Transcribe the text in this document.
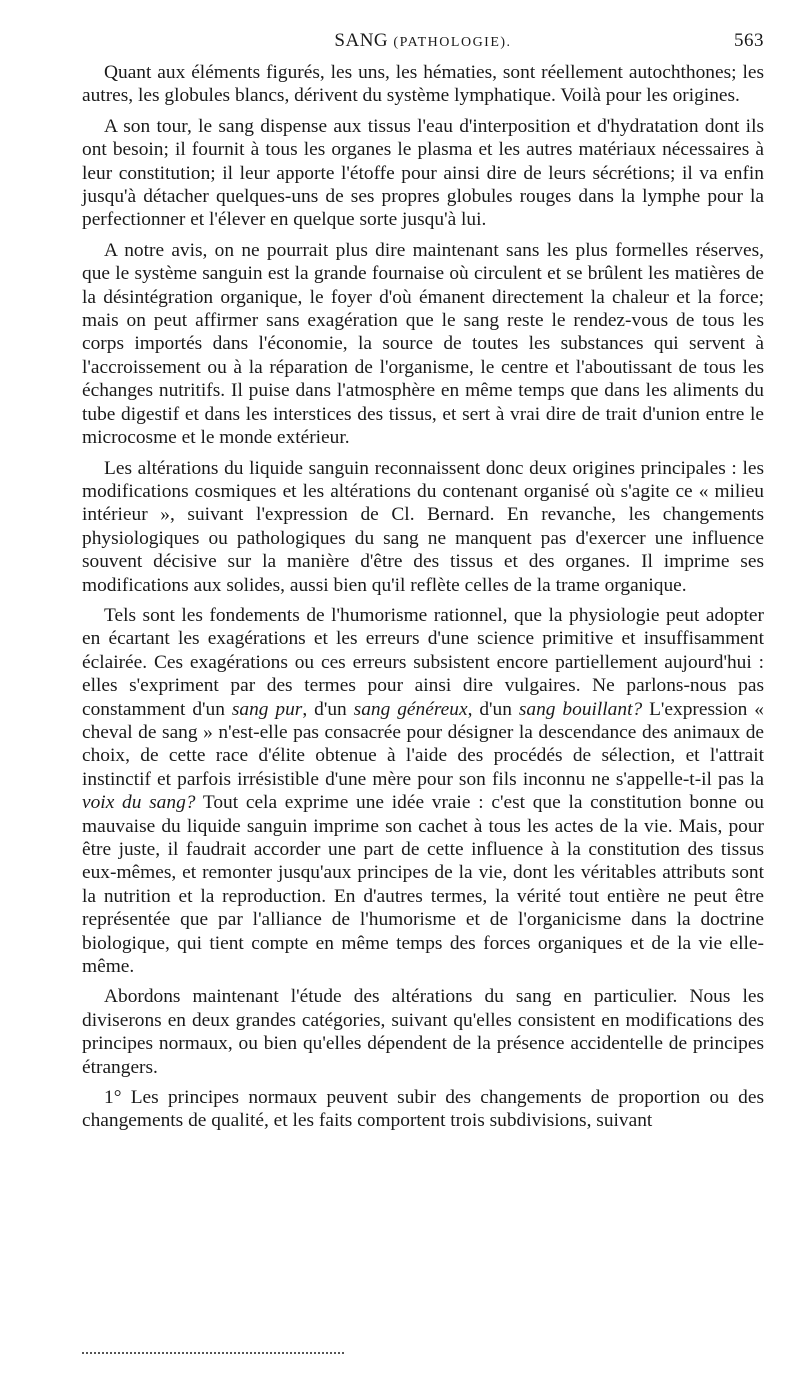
SANG (PATHOLOGIE).	563

Quant aux éléments figurés, les uns, les hématies, sont réellement autochthones; les autres, les globules blancs, dérivent du système lymphatique. Voilà pour les origines.

A son tour, le sang dispense aux tissus l'eau d'interposition et d'hydratation dont ils ont besoin; il fournit à tous les organes le plasma et les autres matériaux nécessaires à leur constitution; il leur apporte l'étoffe pour ainsi dire de leurs sécrétions; il va enfin jusqu'à détacher quelques-uns de ses propres globules rouges dans la lymphe pour la perfectionner et l'élever en quelque sorte jusqu'à lui.

A notre avis, on ne pourrait plus dire maintenant sans les plus formelles réserves, que le système sanguin est la grande fournaise où circulent et se brûlent les matières de la désintégration organique, le foyer d'où émanent directement la chaleur et la force; mais on peut affirmer sans exagération que le sang reste le rendez-vous de tous les corps importés dans l'économie, la source de toutes les substances qui servent à l'accroissement ou à la réparation de l'organisme, le centre et l'aboutissant de tous les échanges nutritifs. Il puise dans l'atmosphère en même temps que dans les aliments du tube digestif et dans les interstices des tissus, et sert à vrai dire de trait d'union entre le microcosme et le monde extérieur.

Les altérations du liquide sanguin reconnaissent donc deux origines principales : les modifications cosmiques et les altérations du contenant organisé où s'agite ce « milieu intérieur », suivant l'expression de Cl. Bernard. En revanche, les changements physiologiques ou pathologiques du sang ne manquent pas d'exercer une influence souvent décisive sur la manière d'être des tissus et des organes. Il imprime ses modifications aux solides, aussi bien qu'il reflète celles de la trame organique.

Tels sont les fondements de l'humorisme rationnel, que la physiologie peut adopter en écartant les exagérations et les erreurs d'une science primitive et insuffisamment éclairée. Ces exagérations ou ces erreurs subsistent encore partiellement aujourd'hui : elles s'expriment par des termes pour ainsi dire vulgaires. Ne parlons-nous pas constamment d'un sang pur, d'un sang généreux, d'un sang bouillant? L'expression « cheval de sang » n'est-elle pas consacrée pour désigner la descendance des animaux de choix, de cette race d'élite obtenue à l'aide des procédés de sélection, et l'attrait instinctif et parfois irrésistible d'une mère pour son fils inconnu ne s'appelle-t-il pas la voix du sang? Tout cela exprime une idée vraie : c'est que la constitution bonne ou mauvaise du liquide sanguin imprime son cachet à tous les actes de la vie. Mais, pour être juste, il faudrait accorder une part de cette influence à la constitution des tissus eux-mêmes, et remonter jusqu'aux principes de la vie, dont les véritables attributs sont la nutrition et la reproduction. En d'autres termes, la vérité tout entière ne peut être représentée que par l'alliance de l'humorisme et de l'organicisme dans la doctrine biologique, qui tient compte en même temps des forces organiques et de la vie elle-même.

Abordons maintenant l'étude des altérations du sang en particulier. Nous les diviserons en deux grandes catégories, suivant qu'elles consistent en modifications des principes normaux, ou bien qu'elles dépendent de la présence accidentelle de principes étrangers.

1° Les principes normaux peuvent subir des changements de proportion ou des changements de qualité, et les faits comportent trois subdivisions, suivant
